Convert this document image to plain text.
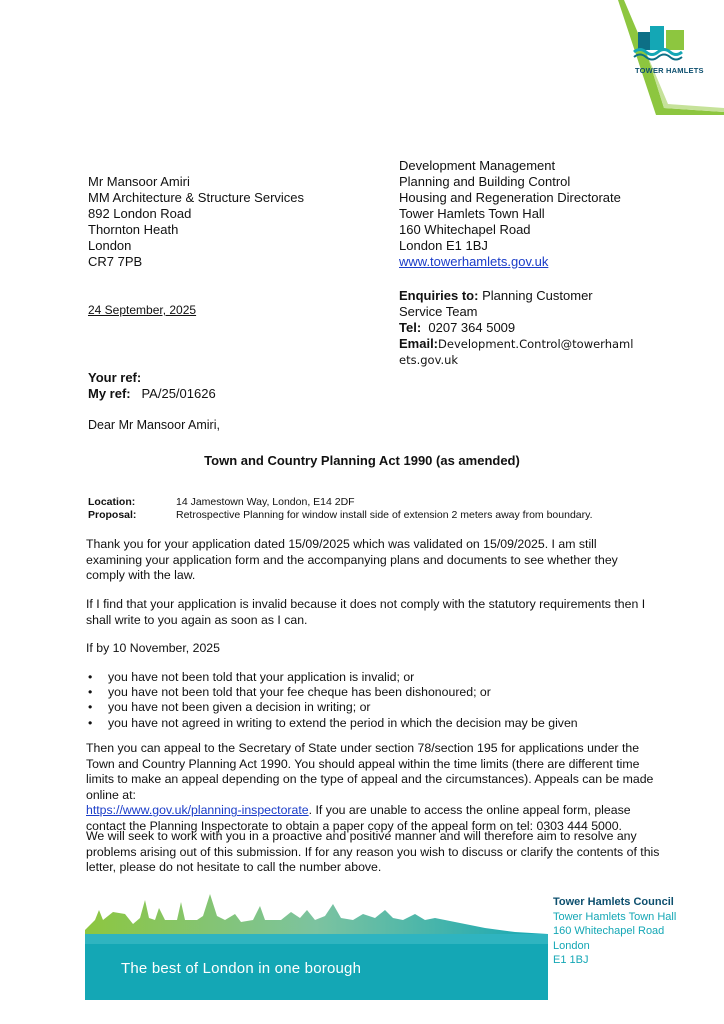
TOWER HAMLETS
Development Management
Planning and Building Control
Housing and Regeneration Directorate
Tower Hamlets Town Hall
160 Whitechapel Road
London E1 1BJ
www.towerhamlets.gov.uk
Mr Mansoor Amiri
MM Architecture & Structure Services
892 London Road
Thornton Heath
London
CR7 7PB
24 September, 2025
Enquiries to: Planning Customer
Service Team
Tel: 0207 364 5009
Email:Development.Control@towerhaml
ets.gov.uk
Your ref:
My ref: PA/25/01626
Dear Mr Mansoor Amiri,
Town and Country Planning Act 1990 (as amended)
Location:	14 Jamestown Way, London, E14 2DF
Proposal:	Retrospective Planning for window install side of extension 2 meters away from boundary.
Thank you for your application dated 15/09/2025 which was validated on 15/09/2025. I am still examining your application form and the accompanying plans and documents to see whether they comply with the law.
If I find that your application is invalid because it does not comply with the statutory requirements then I shall write to you again as soon as I can.
If by 10 November, 2025
• you have not been told that your application is invalid; or
• you have not been told that your fee cheque has been dishonoured; or
• you have not been given a decision in writing; or
• you have not agreed in writing to extend the period in which the decision may be given
Then you can appeal to the Secretary of State under section 78/section 195 for applications under the Town and Country Planning Act 1990. You should appeal within the time limits (there are different time limits to make an appeal depending on the type of appeal and the circumstances). Appeals can be made online at:
https://www.gov.uk/planning-inspectorate. If you are unable to access the online appeal form, please contact the Planning Inspectorate to obtain a paper copy of the appeal form on tel: 0303 444 5000.
We will seek to work with you in a proactive and positive manner and will therefore aim to resolve any problems arising out of this submission. If for any reason you wish to discuss or clarify the contents of this letter, please do not hesitate to call the number above.
The best of London in one borough
Tower Hamlets Council
Tower Hamlets Town Hall
160 Whitechapel Road
London
E1 1BJ
